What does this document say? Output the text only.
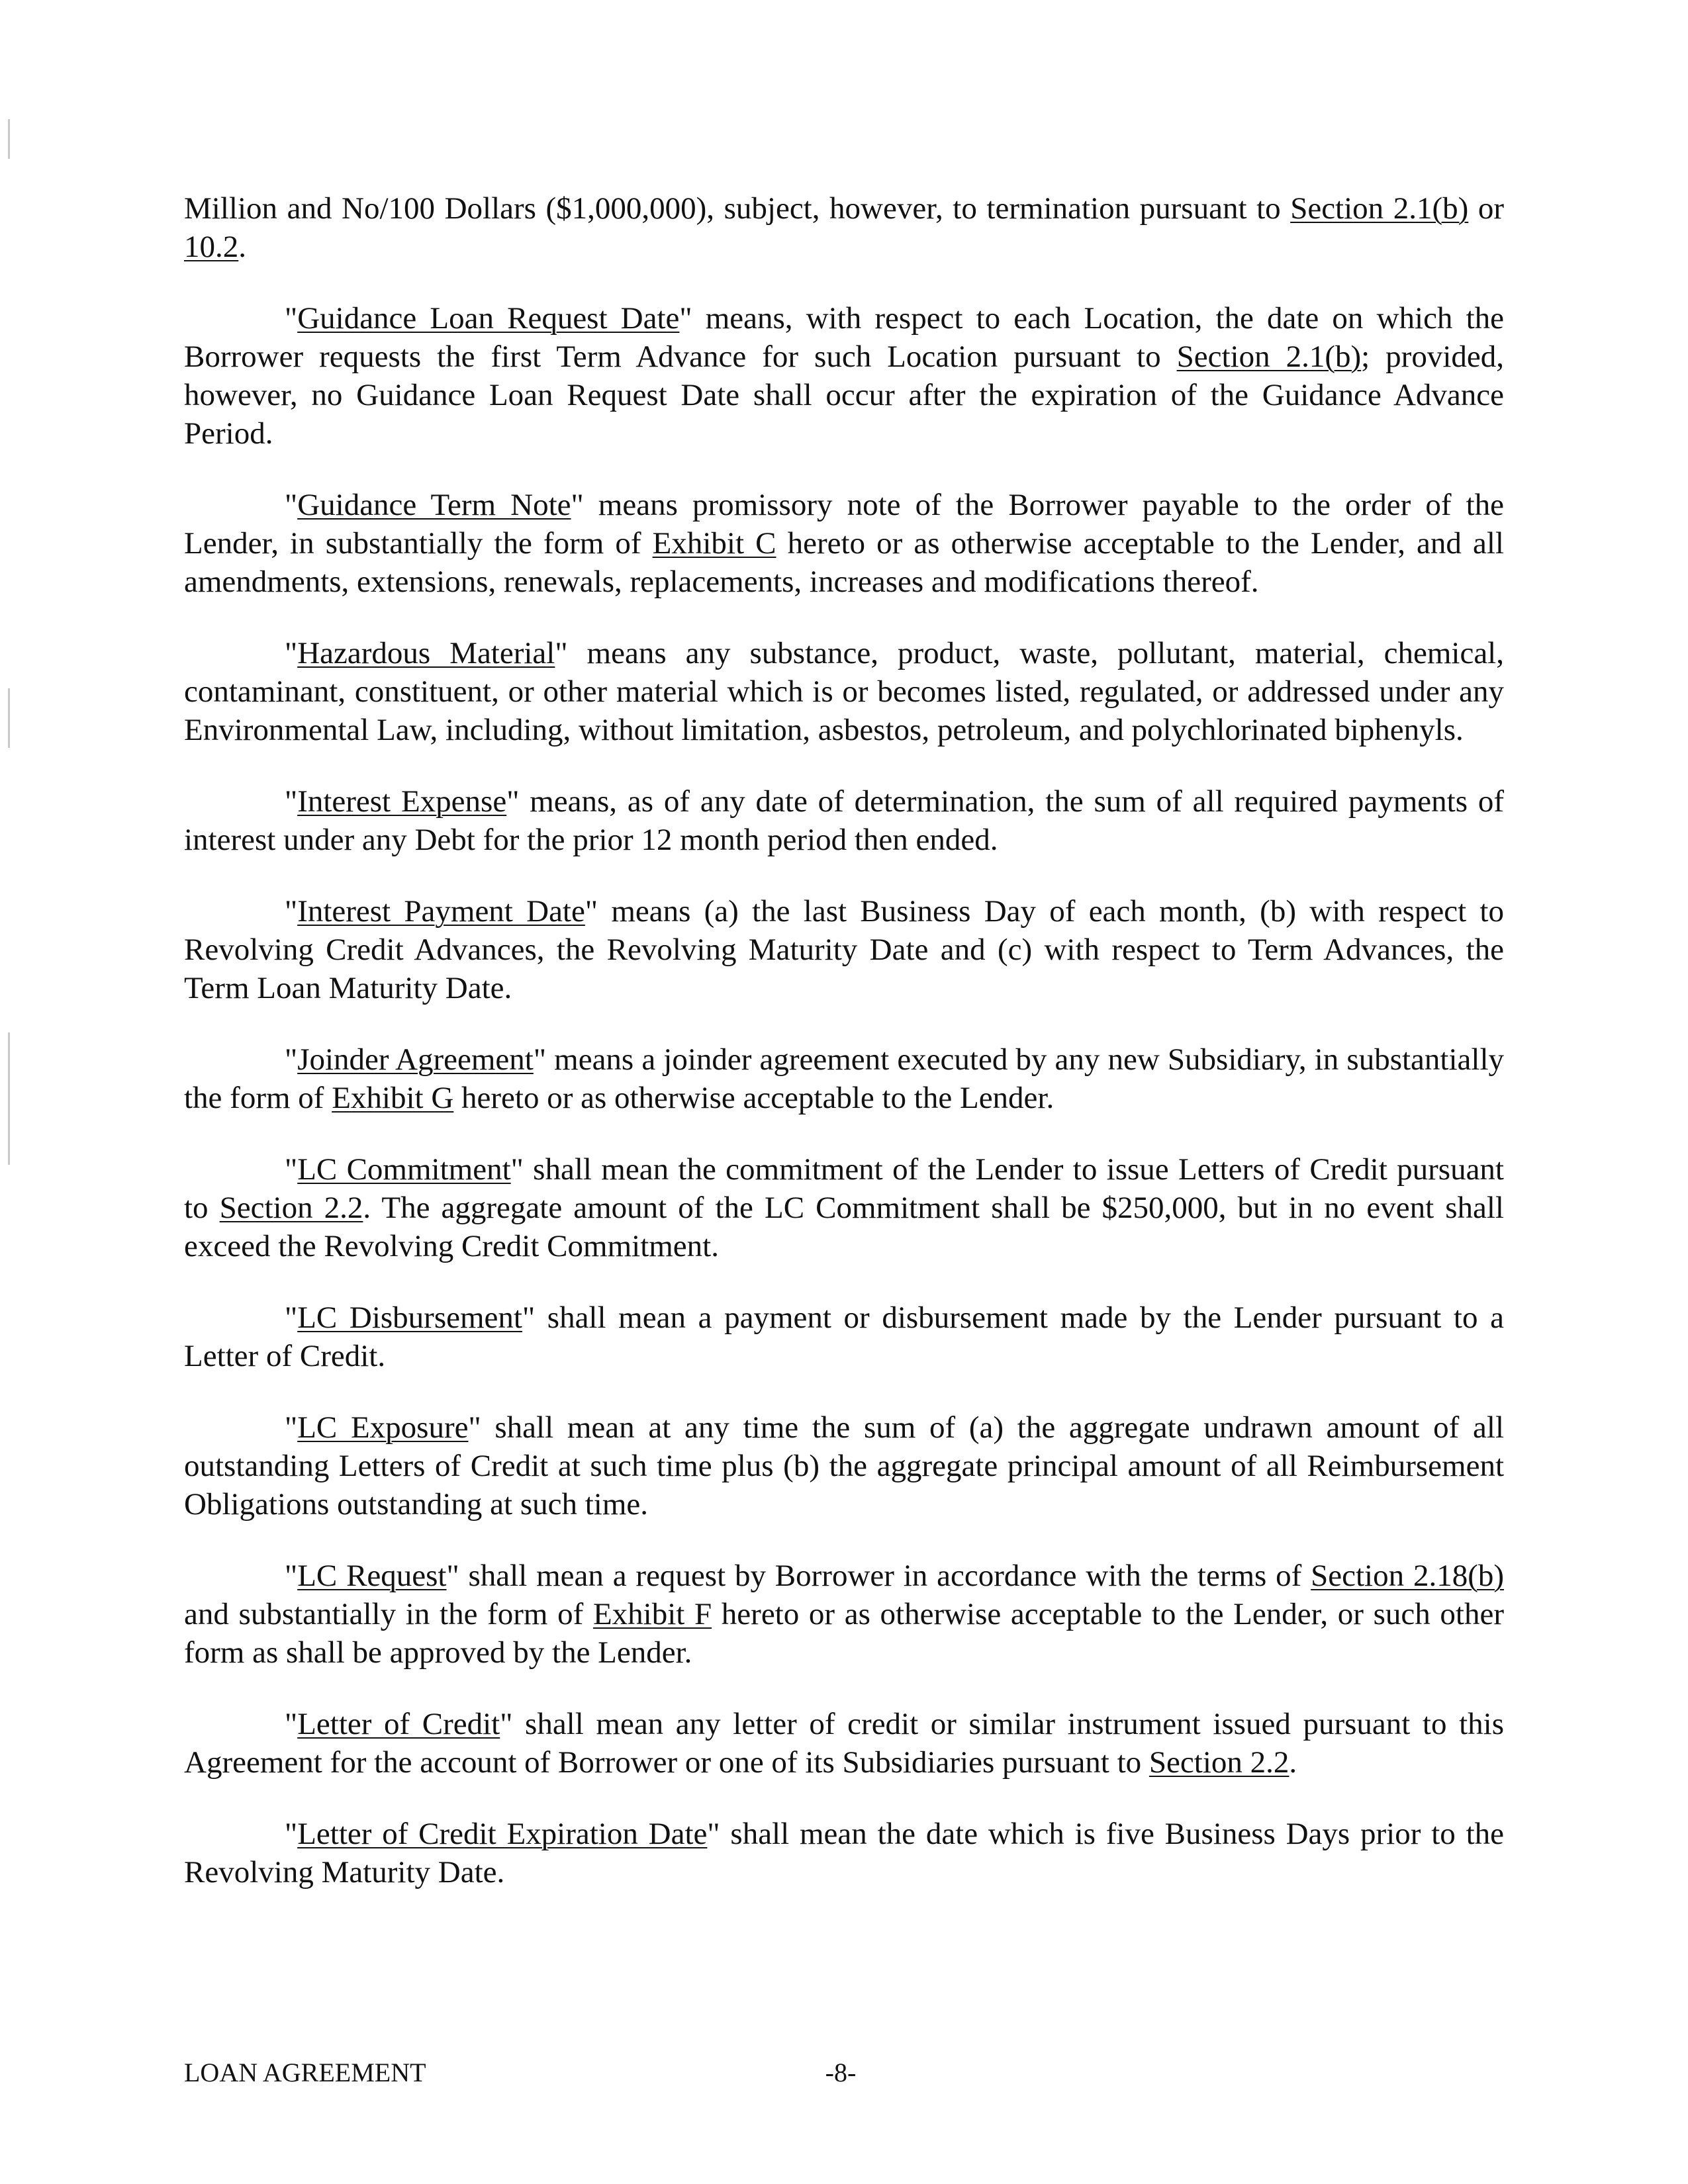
Million and No/100 Dollars ($1,000,000), subject, however, to termination pursuant to Section 2.1(b) or 10.2.

"Guidance Loan Request Date" means, with respect to each Location, the date on which the Borrower requests the first Term Advance for such Location pursuant to Section 2.1(b); provided, however, no Guidance Loan Request Date shall occur after the expiration of the Guidance Advance Period.

"Guidance Term Note" means promissory note of the Borrower payable to the order of the Lender, in substantially the form of Exhibit C hereto or as otherwise acceptable to the Lender, and all amendments, extensions, renewals, replacements, increases and modifications thereof.

"Hazardous Material" means any substance, product, waste, pollutant, material, chemical, contaminant, constituent, or other material which is or becomes listed, regulated, or addressed under any Environmental Law, including, without limitation, asbestos, petroleum, and polychlorinated biphenyls.

"Interest Expense" means, as of any date of determination, the sum of all required payments of interest under any Debt for the prior 12 month period then ended.

"Interest Payment Date" means (a) the last Business Day of each month, (b) with respect to Revolving Credit Advances, the Revolving Maturity Date and (c) with respect to Term Advances, the Term Loan Maturity Date.

"Joinder Agreement" means a joinder agreement executed by any new Subsidiary, in substantially the form of Exhibit G hereto or as otherwise acceptable to the Lender.

"LC Commitment" shall mean the commitment of the Lender to issue Letters of Credit pursuant to Section 2.2. The aggregate amount of the LC Commitment shall be $250,000, but in no event shall exceed the Revolving Credit Commitment.

"LC Disbursement" shall mean a payment or disbursement made by the Lender pursuant to a Letter of Credit.

"LC Exposure" shall mean at any time the sum of (a) the aggregate undrawn amount of all outstanding Letters of Credit at such time plus (b) the aggregate principal amount of all Reimbursement Obligations outstanding at such time.

"LC Request" shall mean a request by Borrower in accordance with the terms of Section 2.18(b) and substantially in the form of Exhibit F hereto or as otherwise acceptable to the Lender, or such other form as shall be approved by the Lender.

"Letter of Credit" shall mean any letter of credit or similar instrument issued pursuant to this Agreement for the account of Borrower or one of its Subsidiaries pursuant to Section 2.2.

"Letter of Credit Expiration Date" shall mean the date which is five Business Days prior to the Revolving Maturity Date.

LOAN AGREEMENT	-8-
